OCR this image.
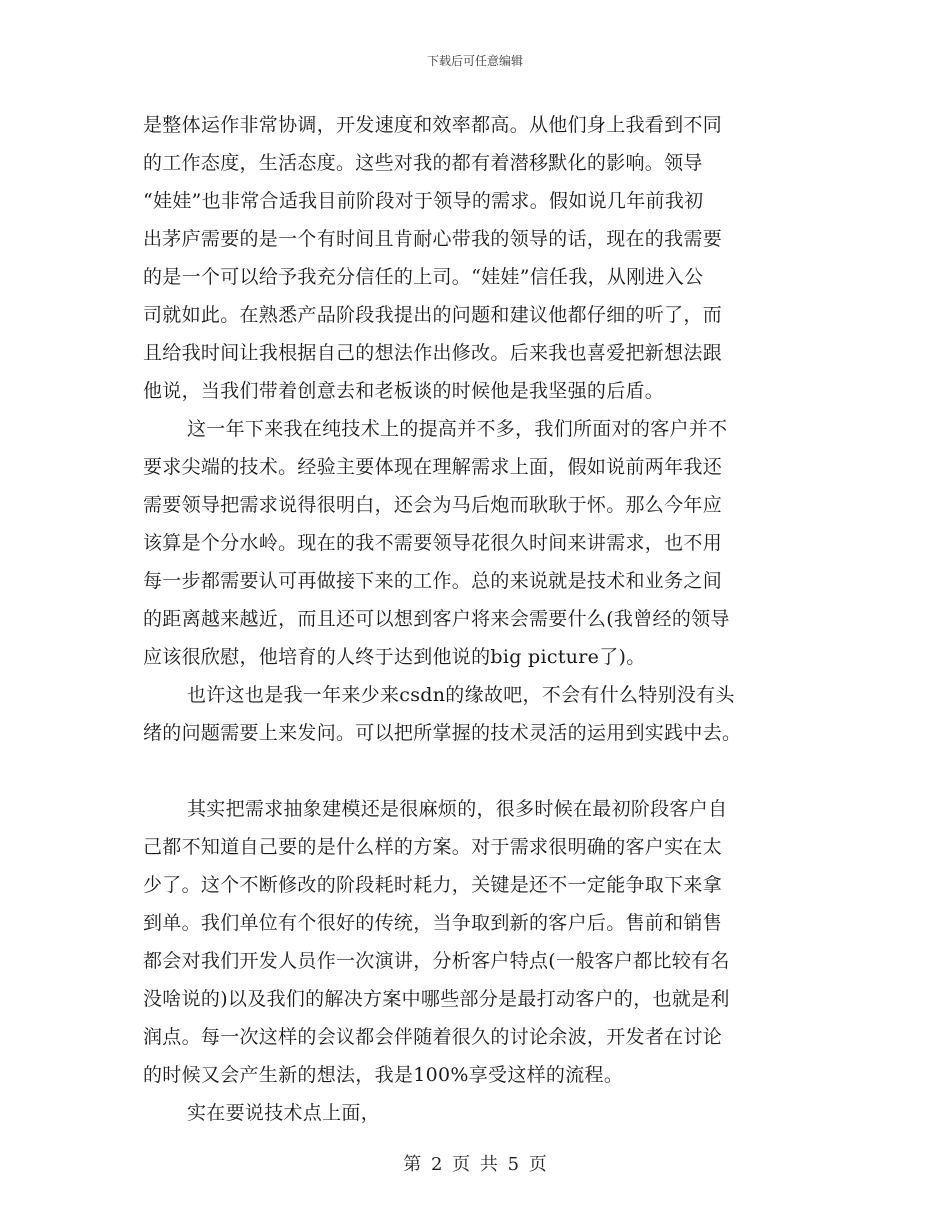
下载后可任意编辑
是整体运作非常协调，开发速度和效率都高。从他们身上我看到不同
的工作态度，生活态度。这些对我的都有着潜移默化的影响。领导
“娃娃”也非常合适我目前阶段对于领导的需求。假如说几年前我初
出茅庐需要的是一个有时间且肯耐心带我的领导的话，现在的我需要
的是一个可以给予我充分信任的上司。“娃娃”信任我，从刚进入公
司就如此。在熟悉产品阶段我提出的问题和建议他都仔细的听了，而
且给我时间让我根据自己的想法作出修改。后来我也喜爱把新想法跟
他说，当我们带着创意去和老板谈的时候他是我坚强的后盾。
这一年下来我在纯技术上的提高并不多，我们所面对的客户并不
要求尖端的技术。经验主要体现在理解需求上面，假如说前两年我还
需要领导把需求说得很明白，还会为马后炮而耿耿于怀。那么今年应
该算是个分水岭。现在的我不需要领导花很久时间来讲需求，也不用
每一步都需要认可再做接下来的工作。总的来说就是技术和业务之间
的距离越来越近，而且还可以想到客户将来会需要什么(我曾经的领导
应该很欣慰，他培育的人终于达到他说的big picture了)。
也许这也是我一年来少来csdn的缘故吧，不会有什么特别没有头
绪的问题需要上来发问。可以把所掌握的技术灵活的运用到实践中去。
其实把需求抽象建模还是很麻烦的，很多时候在最初阶段客户自
己都不知道自己要的是什么样的方案。对于需求很明确的客户实在太
少了。这个不断修改的阶段耗时耗力，关键是还不一定能争取下来拿
到单。我们单位有个很好的传统，当争取到新的客户后。售前和销售
都会对我们开发人员作一次演讲，分析客户特点(一般客户都比较有名
没啥说的)以及我们的解决方案中哪些部分是最打动客户的，也就是利
润点。每一次这样的会议都会伴随着很久的讨论余波，开发者在讨论
的时候又会产生新的想法，我是100%享受这样的流程。
实在要说技术点上面，
第 2 页 共 5 页
